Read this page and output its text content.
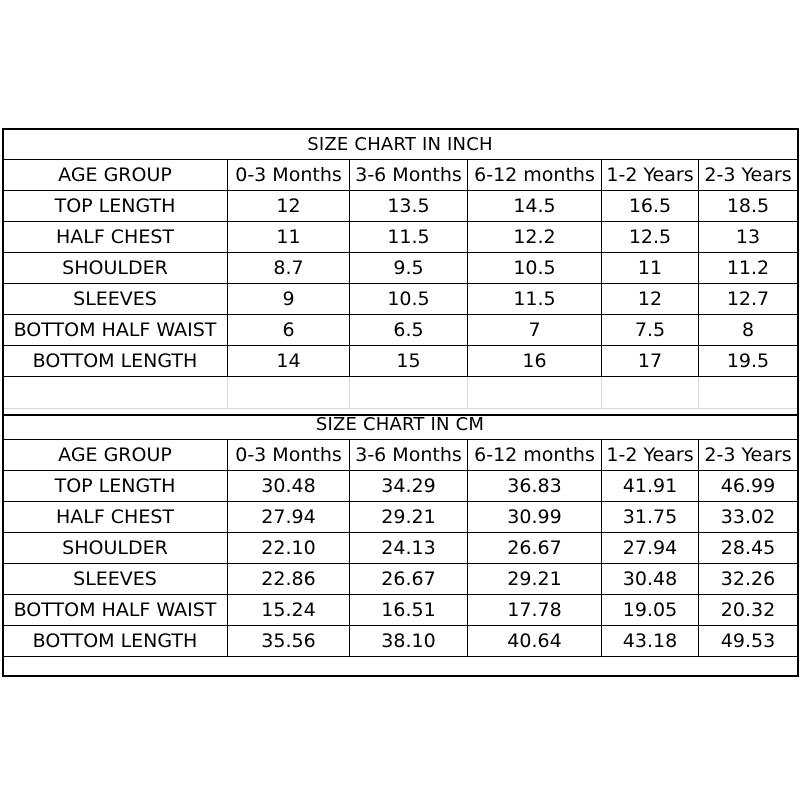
SIZE CHART IN INCH					
AGE GROUP	0-3 Months	3-6 Months	6-12 months	1-2 Years	2-3 Years
TOP LENGTH	12	13.5	14.5	16.5	18.5
HALF CHEST	11	11.5	12.2	12.5	13
SHOULDER	8.7	9.5	10.5	11	11.2
SLEEVES	9	10.5	11.5	12	12.7
BOTTOM HALF WAIST	6	6.5	7	7.5	8
BOTTOM LENGTH	14	15	16	17	19.5

SIZE CHART IN CM					
AGE GROUP	0-3 Months	3-6 Months	6-12 months	1-2 Years	2-3 Years
TOP LENGTH	30.48	34.29	36.83	41.91	46.99
HALF CHEST	27.94	29.21	30.99	31.75	33.02
SHOULDER	22.10	24.13	26.67	27.94	28.45
SLEEVES	22.86	26.67	29.21	30.48	32.26
BOTTOM HALF WAIST	15.24	16.51	17.78	19.05	20.32
BOTTOM LENGTH	35.56	38.10	40.64	43.18	49.53
